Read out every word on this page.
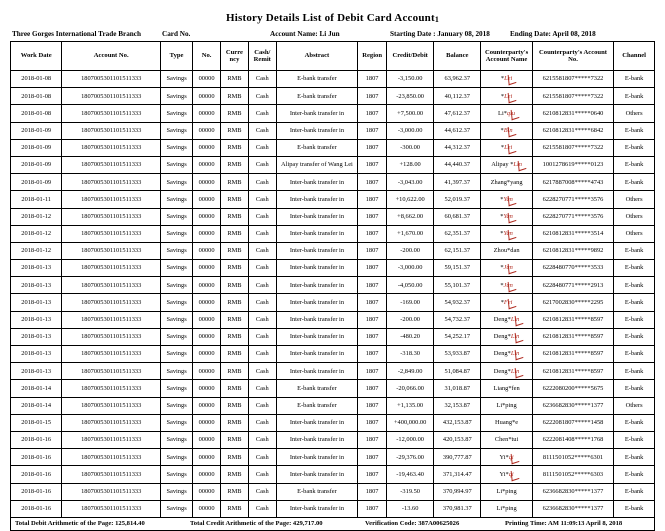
History Details List of Debit Card Account1
Three Gorges International Trade Branch	Card No.	Account Name: Li Jun	Starting Date : January 08, 2018	Ending Date: April 08, 2018
Work Date	Account No.	Type	No.	Curre ncy	Cash/ Remit	Abstract	Region	Credit/Debit	Balance	Counterparty's Account Name	Counterparty's Account No.	Channel
2018-01-08	1807005301101511333	Savings	00000	RMB	Cash	E-bank transfer	1807	-3,150.00	63,962.37	*Lei	6215581807*****7322	E-bank
2018-01-08	1807005301101511333	Savings	00000	RMB	Cash	E-bank transfer	1807	-23,850.00	40,112.37	*Lei	6215581807*****7322	E-bank
2018-01-08	1807005301101511333	Savings	00000	RMB	Cash	Inter-bank transfer in	1807	+7,500.00	47,612.37	Li*qiu	6210812831*****0640	Others
2018-01-09	1807005301101511333	Savings	00000	RMB	Cash	Inter-bank transfer in	1807	-3,000.00	44,612.37	*Bin	6210812831*****6842	E-bank
2018-01-09	1807005301101511333	Savings	00000	RMB	Cash	E-bank transfer	1807	-300.00	44,312.37	*Lei	6215581807*****7322	E-bank
2018-01-09	1807005301101511333	Savings	00000	RMB	Cash	Alipay transfer of Wang Lei	1807	+128.00	44,440.37	Alipay *Lin	1001278619*****0123	E-bank
2018-01-09	1807005301101511333	Savings	00000	RMB	Cash	Inter-bank transfer in	1807	-3,043.00	41,397.37	Zhang*yang	6217887008*****4743	E-bank
2018-01-11	1807005301101511333	Savings	00000	RMB	Cash	Inter-bank transfer in	1807	+10,622.00	52,019.37	*Yan	6228270771*****3576	Others
2018-01-12	1807005301101511333	Savings	00000	RMB	Cash	Inter-bank transfer in	1807	+8,662.00	60,681.37	*Yan	6228270771*****3576	Others
2018-01-12	1807005301101511333	Savings	00000	RMB	Cash	Inter-bank transfer in	1807	+1,670.00	62,351.37	*Yan	6210812831*****3514	Others
2018-01-12	1807005301101511333	Savings	00000	RMB	Cash	Inter-bank transfer in	1807	-200.00	62,151.37	Zhou*dan	6210812831*****9892	E-bank
2018-01-13	1807005301101511333	Savings	00000	RMB	Cash	Inter-bank transfer in	1807	-3,000.00	59,151.37	*Jun	6228480770*****3533	E-bank
2018-01-13	1807005301101511333	Savings	00000	RMB	Cash	Inter-bank transfer in	1807	-4,050.00	55,101.37	*Jun	6228480771*****2913	E-bank
2018-01-13	1807005301101511333	Savings	00000	RMB	Cash	Inter-bank transfer in	1807	-169.00	54,932.37	*Fei	6217002830*****2295	E-bank
2018-01-13	1807005301101511333	Savings	00000	RMB	Cash	Inter-bank transfer in	1807	-200.00	54,732.37	Deng*Lin	6210812831*****8597	E-bank
2018-01-13	1807005301101511333	Savings	00000	RMB	Cash	Inter-bank transfer in	1807	-480.20	54,252.17	Deng*Lin	6210812831*****8597	E-bank
2018-01-13	1807005301101511333	Savings	00000	RMB	Cash	Inter-bank transfer in	1807	-318.30	53,933.87	Deng*Lin	6210812831*****8597	E-bank
2018-01-13	1807005301101511333	Savings	00000	RMB	Cash	Inter-bank transfer in	1807	-2,849.00	51,084.87	Deng*Lin	6210812831*****8597	E-bank
2018-01-14	1807005301101511333	Savings	00000	RMB	Cash	E-bank transfer	1807	-20,066.00	31,018.87	Liang*fen	6222080200*****5675	E-bank
2018-01-14	1807005301101511333	Savings	00000	RMB	Cash	E-bank transfer	1807	+1,135.00	32,153.87	Li*ping	6236682830*****1377	Others
2018-01-15	1807005301101511333	Savings	00000	RMB	Cash	Inter-bank transfer in	1807	+400,000.00	432,153.87	Huang*e	6222081807*****1458	E-bank
2018-01-16	1807005301101511333	Savings	00000	RMB	Cash	Inter-bank transfer in	1807	-12,000.00	420,153.87	Chen*tui	6222081408*****1768	E-bank
2018-01-16	1807005301101511333	Savings	00000	RMB	Cash	Inter-bank transfer in	1807	-29,376.00	390,777.87	Yi*qi	8111501052*****6301	E-bank
2018-01-16	1807005301101511333	Savings	00000	RMB	Cash	Inter-bank transfer in	1807	-19,463.40	371,314.47	Yi*qi	8111501052*****6303	E-bank
2018-01-16	1807005301101511333	Savings	00000	RMB	Cash	E-bank transfer	1807	-319.50	370,994.97	Li*ping	6236682830*****1377	E-bank
2018-01-16	1807005301101511333	Savings	00000	RMB	Cash	Inter-bank transfer in	1807	-13.60	370,981.37	Li*ping	6236682830*****1377	E-bank
Total Debit Arithmetic of the Page: 125,814.40	Total Credit Arithmetic of the Page: 429,717.00	Verification Code: 387A00625026	Printing Time: AM 11:09:13 April 8, 2018
